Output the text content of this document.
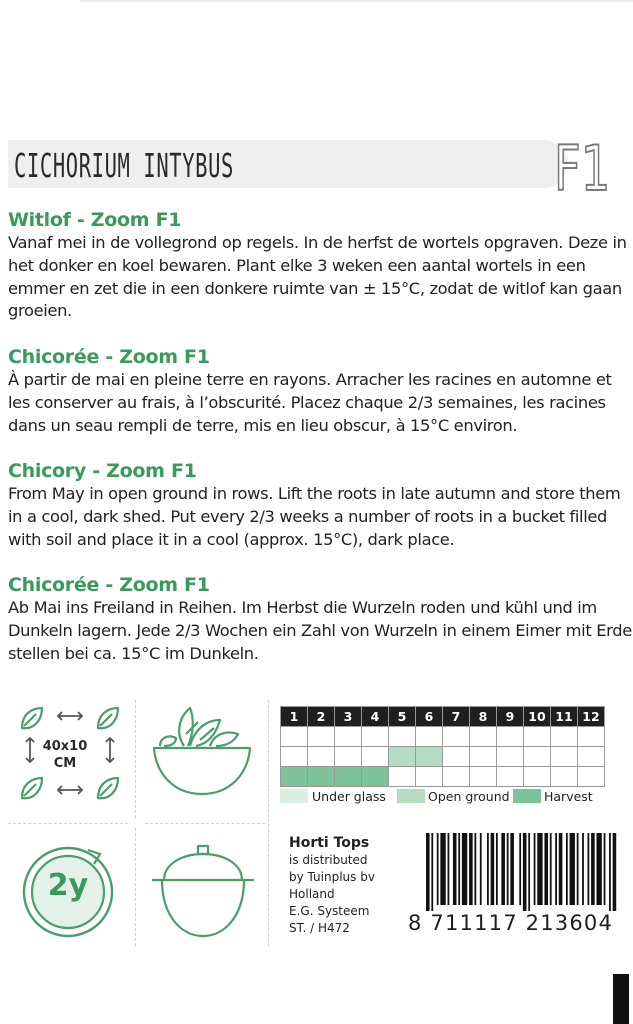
CICHORIUM INTYBUS	F1
Witlof - Zoom F1

Vanaf mei in de vollegrond op regels. In de herfst de wortels opgraven. Deze in het donker en koel bewaren. Plant elke 3 weken een aantal wortels in een emmer en zet die in een donkere ruimte van ± 15°C, zodat de witlof kan gaan groeien.

Chicorée - Zoom F1

À partir de mai en pleine terre en rayons. Arracher les racines en automne et les conserver au frais, à l’obscurité. Placez chaque 2/3 semaines, les racines dans un seau rempli de terre, mis en lieu obscur, à 15°C environ.

Chicory - Zoom F1

From May in open ground in rows. Lift the roots in late autumn and store them in a cool, dark shed. Put every 2/3 weeks a number of roots in a bucket filled with soil and place it in a cool (approx. 15°C), dark place.

Chicorée - Zoom F1

Ab Mai ins Freiland in Reihen. Im Herbst die Wurzeln roden und kühl und im Dunkeln lagern. Jede 2/3 Wochen ein Zahl von Wurzeln in einem Eimer mit Erde stellen bei ca. 15°C im Dunkeln.

40x10
CM
2y
1	2	3	4	5	6	7	8	9	10	11	12

Under glass	Open ground	Harvest
Horti Tops
is distributed
by Tuinplus bv
Holland
E.G. Systeem
ST. / H472	8 711117 213604
